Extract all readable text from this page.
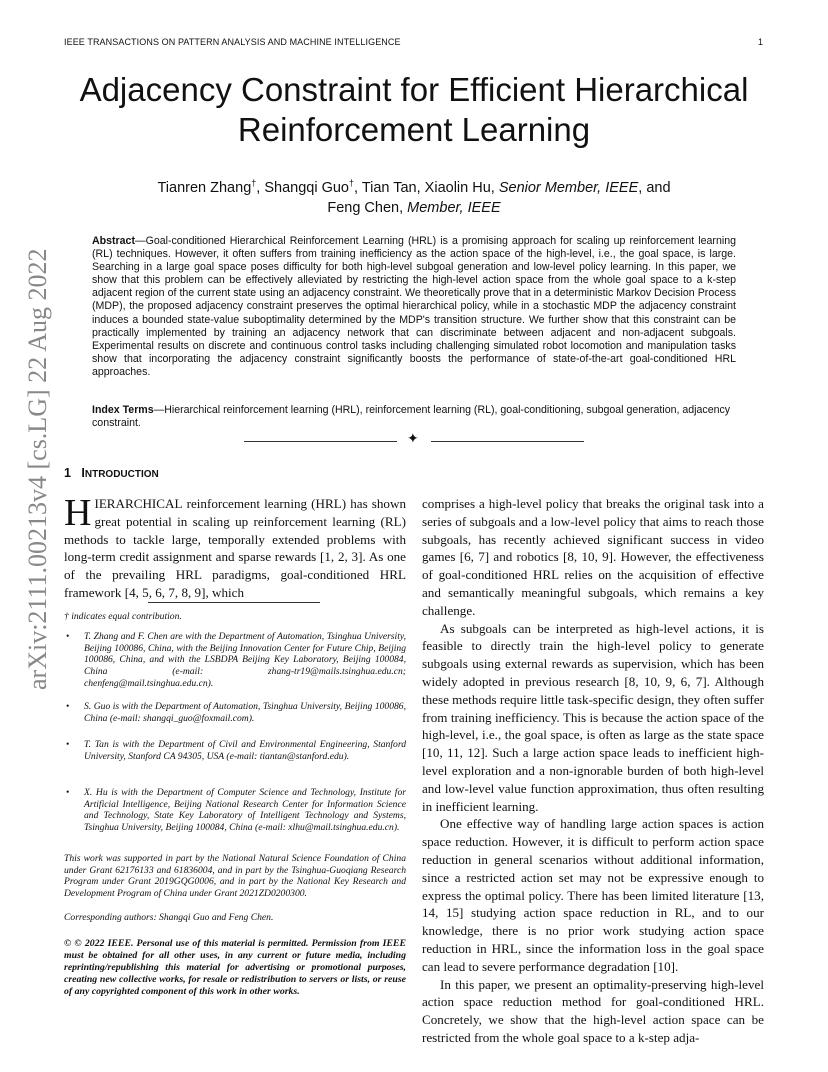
IEEE TRANSACTIONS ON PATTERN ANALYSIS AND MACHINE INTELLIGENCE	1
arXiv:2111.00213v4 [cs.LG] 22 Aug 2022
Adjacency Constraint for Efficient Hierarchical
Reinforcement Learning
Tianren Zhang†, Shangqi Guo†, Tian Tan, Xiaolin Hu, Senior Member, IEEE, and
Feng Chen, Member, IEEE
Abstract—Goal-conditioned Hierarchical Reinforcement Learning (HRL) is a promising approach for scaling up reinforcement learning (RL) techniques. However, it often suffers from training inefficiency as the action space of the high-level, i.e., the goal space, is large. Searching in a large goal space poses difficulty for both high-level subgoal generation and low-level policy learning. In this paper, we show that this problem can be effectively alleviated by restricting the high-level action space from the whole goal space to a k-step adjacent region of the current state using an adjacency constraint. We theoretically prove that in a deterministic Markov Decision Process (MDP), the proposed adjacency constraint preserves the optimal hierarchical policy, while in a stochastic MDP the adjacency constraint induces a bounded state-value suboptimality determined by the MDP's transition structure. We further show that this constraint can be practically implemented by training an adjacency network that can discriminate between adjacent and non-adjacent subgoals. Experimental results on discrete and continuous control tasks including challenging simulated robot locomotion and manipulation tasks show that incorporating the adjacency constraint significantly boosts the performance of state-of-the-art goal-conditioned HRL approaches.
Index Terms—Hierarchical reinforcement learning (HRL), reinforcement learning (RL), goal-conditioning, subgoal generation, adjacency constraint.
✦
1 INTRODUCTION

HIERARCHICAL reinforcement learning (HRL) has shown great potential in scaling up reinforcement learning (RL) methods to tackle large, temporally extended problems with long-term credit assignment and sparse rewards [1, 2, 3]. As one of the prevailing HRL paradigms, goal-conditioned HRL framework [4, 5, 6, 7, 8, 9], which

† indicates equal contribution.
• T. Zhang and F. Chen are with the Department of Automation, Tsinghua University, Beijing 100086, China, with the Beijing Innovation Center for Future Chip, Beijing 100086, China, and with the LSBDPA Beijing Key Laboratory, Beijing 100084, China (e-mail: zhang-tr19@mails.tsinghua.edu.cn; chenfeng@mail.tsinghua.edu.cn).
• S. Guo is with the Department of Automation, Tsinghua University, Beijing 100086, China (e-mail: shangqi_guo@foxmail.com).
• T. Tan is with the Department of Civil and Environmental Engineering, Stanford University, Stanford CA 94305, USA (e-mail: tiantan@stanford.edu).
• X. Hu is with the Department of Computer Science and Technology, Institute for Artificial Intelligence, Beijing National Research Center for Information Science and Technology, State Key Laboratory of Intelligent Technology and Systems, Tsinghua University, Beijing 100084, China (e-mail: xlhu@mail.tsinghua.edu.cn).
This work was supported in part by the National Natural Science Foundation of China under Grant 62176133 and 61836004, and in part by the Tsinghua-Guoqiang Research Program under Grant 2019GQG0006, and in part by the National Key Research and Development Program of China under Grant 2021ZD0200300.
Corresponding authors: Shangqi Guo and Feng Chen.
© © 2022 IEEE. Personal use of this material is permitted. Permission from IEEE must be obtained for all other uses, in any current or future media, including reprinting/republishing this material for advertising or promotional purposes, creating new collective works, for resale or redistribution to servers or lists, or reuse of any copyrighted component of this work in other works.

comprises a high-level policy that breaks the original task into a series of subgoals and a low-level policy that aims to reach those subgoals, has recently achieved significant success in video games [6, 7] and robotics [8, 10, 9]. However, the effectiveness of goal-conditioned HRL relies on the acquisition of effective and semantically meaningful subgoals, which remains a key challenge.

As subgoals can be interpreted as high-level actions, it is feasible to directly train the high-level policy to generate subgoals using external rewards as supervision, which has been widely adopted in previous research [8, 10, 9, 6, 7]. Although these methods require little task-specific design, they often suffer from training inefficiency. This is because the action space of the high-level, i.e., the goal space, is often as large as the state space [10, 11, 12]. Such a large action space leads to inefficient high-level exploration and a non-ignorable burden of both high-level and low-level value function approximation, thus often resulting in inefficient learning.

One effective way of handling large action spaces is action space reduction. However, it is difficult to perform action space reduction in general scenarios without additional information, since a restricted action set may not be expressive enough to express the optimal policy. There has been limited literature [13, 14, 15] studying action space reduction in RL, and to our knowledge, there is no prior work studying action space reduction in HRL, since the information loss in the goal space can lead to severe performance degradation [10].

In this paper, we present an optimality-preserving high-level action space reduction method for goal-conditioned HRL. Concretely, we show that the high-level action space can be restricted from the whole goal space to a k-step adja-
